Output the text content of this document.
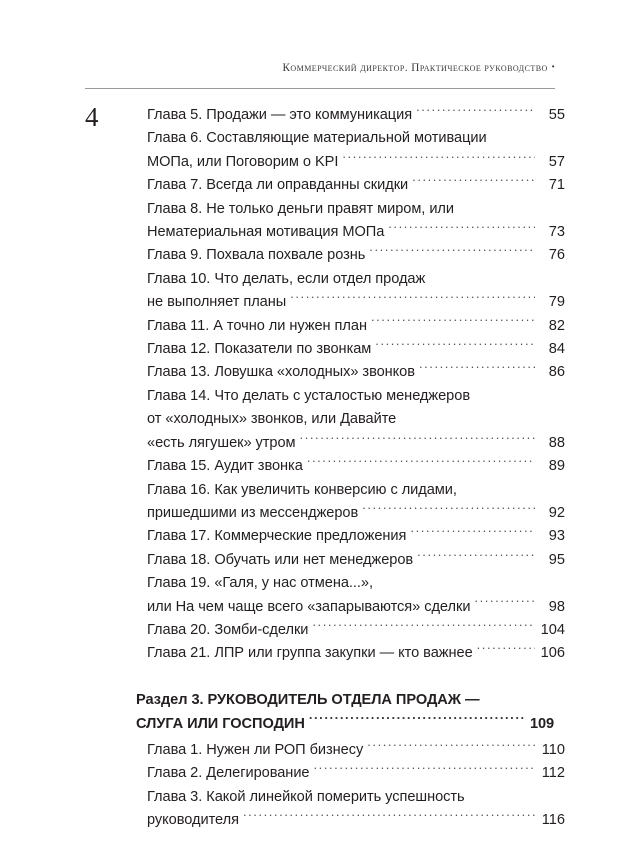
Коммерческий директор. Практическое руководство •
4	Глава 5. Продажи — это коммуникация .....	55
Глава 6. Составляющие материальной мотивации
МОПа, или Поговорим о KPI .....	57
Глава 7. Всегда ли оправданны скидки .....	71
Глава 8. Не только деньги правят миром, или
Нематериальная мотивация МОПа .....	73
Глава 9. Похвала похвале рознь .....	76
Глава 10. Что делать, если отдел продаж
не выполняет планы .....	79
Глава 11. А точно ли нужен план .....	82
Глава 12. Показатели по звонкам .....	84
Глава 13. Ловушка «холодных» звонков .....	86
Глава 14. Что делать с усталостью менеджеров
от «холодных» звонков, или Давайте
«есть лягушек» утром .....	88
Глава 15. Аудит звонка .....	89
Глава 16. Как увеличить конверсию с лидами,
пришедшими из мессенджеров .....	92
Глава 17. Коммерческие предложения .....	93
Глава 18. Обучать или нет менеджеров .....	95
Глава 19. «Галя, у нас отмена...»,
или На чем чаще всего «запарываются» сделки .....	98
Глава 20. Зомби-сделки .....	104
Глава 21. ЛПР или группа закупки — кто важнее .....	106
Раздел 3. РУКОВОДИТЕЛЬ ОТДЕЛА ПРОДАЖ —
СЛУГА ИЛИ ГОСПОДИН .....	109
Глава 1. Нужен ли РОП бизнесу .....	110
Глава 2. Делегирование .....	112
Глава 3. Какой линейкой померить успешность
руководителя .....	116
